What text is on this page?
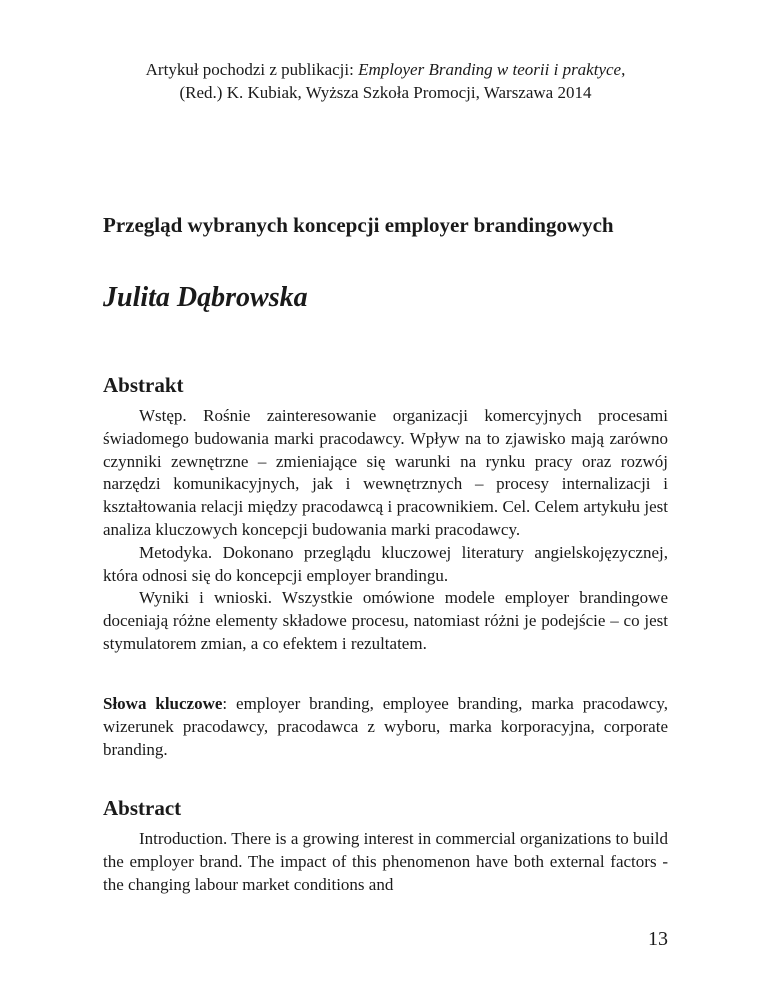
Artykuł pochodzi z publikacji: Employer Branding w teorii i praktyce,
(Red.) K. Kubiak, Wyższa Szkoła Promocji, Warszawa 2014
Przegląd wybranych koncepcji employer brandingowych
Julita Dąbrowska
Abstrakt

Wstęp. Rośnie zainteresowanie organizacji komercyjnych procesami świadomego budowania marki pracodawcy. Wpływ na to zjawisko mają zarówno czynniki zewnętrzne – zmieniające się warunki na rynku pracy oraz rozwój narzędzi komunikacyjnych, jak i wewnętrznych – procesy internalizacji i kształtowania relacji między pracodawcą i pracownikiem. Cel. Celem artykułu jest analiza kluczowych koncepcji budowania marki pracodawcy.

Metodyka. Dokonano przeglądu kluczowej literatury angielskojęzycznej, która odnosi się do koncepcji employer brandingu.

Wyniki i wnioski. Wszystkie omówione modele employer brandingowe doceniają różne elementy składowe procesu, natomiast różni je podejście – co jest stymulatorem zmian, a co efektem i rezultatem.

Słowa kluczowe: employer branding, employee branding, marka pracodawcy, wizerunek pracodawcy, pracodawca z wyboru, marka korporacyjna, corporate branding.

Abstract

Introduction. There is a growing interest in commercial organizations to build the employer brand. The impact of this phenomenon have both external factors - the changing labour market conditions and

13
